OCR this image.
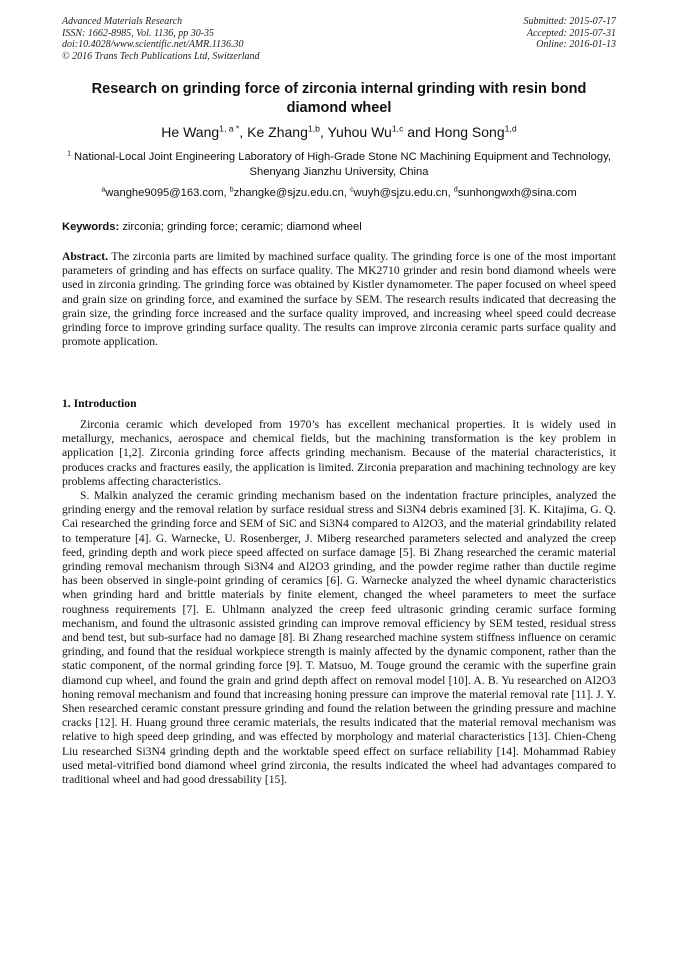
Advanced Materials Research
ISSN: 1662-8985, Vol. 1136, pp 30-35
doi:10.4028/www.scientific.net/AMR.1136.30
© 2016 Trans Tech Publications Ltd, Switzerland
Submitted: 2015-07-17
Accepted: 2015-07-31
Online: 2016-01-13
Research on grinding force of zirconia internal grinding with resin bond diamond wheel
He Wang$^{1, a *}$, Ke Zhang$^{1,b}$, Yuhou Wu$^{1,c}$ and Hong Song$^{1,d}$
$^1$ National-Local Joint Engineering Laboratory of High-Grade Stone NC Machining Equipment and Technology, Shenyang Jianzhu University, China
$^a$wanghe9095@163.com, $^b$zhangke@sjzu.edu.cn, $^c$wuyh@sjzu.edu.cn, $^d$sunhongwxh@sina.com
Keywords: zirconia; grinding force; ceramic; diamond wheel

Abstract. The zirconia parts are limited by machined surface quality. The grinding force is one of the most important parameters of grinding and has effects on surface quality. The MK2710 grinder and resin bond diamond wheels were used in zirconia grinding. The grinding force was obtained by Kistler dynamometer. The paper focused on wheel speed and grain size on grinding force, and examined the surface by SEM. The research results indicated that decreasing the grain size, the grinding force increased and the surface quality improved, and increasing wheel speed could decrease grinding force to improve grinding surface quality. The results can improve zirconia ceramic parts surface quality and promote application.

1. Introduction

Zirconia ceramic which developed from 1970’s has excellent mechanical properties. It is widely used in metallurgy, mechanics, aerospace and chemical fields, but the machining transformation is the key problem in application [1,2]. Zirconia grinding force affects grinding mechanism. Because of the material characteristics, it produces cracks and fractures easily, the application is limited. Zirconia preparation and machining technology are key problems affecting characteristics.

S. Malkin analyzed the ceramic grinding mechanism based on the indentation fracture principles, analyzed the grinding energy and the removal relation by surface residual stress and Si3N4 debris examined [3]. K. Kitajima, G. Q. Cai researched the grinding force and SEM of SiC and Si3N4 compared to Al2O3, and the material grindability related to temperature [4]. G. Warnecke, U. Rosenberger, J. Miberg researched parameters selected and analyzed the creep feed, grinding depth and work piece speed affected on surface damage [5]. Bi Zhang researched the ceramic material grinding removal mechanism through Si3N4 and Al2O3 grinding, and the powder regime rather than ductile regime has been observed in single-point grinding of ceramics [6]. G. Warnecke analyzed the wheel dynamic characteristics when grinding hard and brittle materials by finite element, changed the wheel parameters to meet the surface roughness requirements [7]. E. Uhlmann analyzed the creep feed ultrasonic grinding ceramic surface forming mechanism, and found the ultrasonic assisted grinding can improve removal efficiency by SEM tested, residual stress and bend test, but sub-surface had no damage [8]. Bi Zhang researched machine system stiffness influence on ceramic grinding, and found that the residual workpiece strength is mainly affected by the dynamic component, rather than the static component, of the normal grinding force [9]. T. Matsuo, M. Touge ground the ceramic with the superfine grain diamond cup wheel, and found the grain and grind depth affect on removal model [10]. A. B. Yu researched on Al2O3 honing removal mechanism and found that increasing honing pressure can improve the material removal rate [11]. J. Y. Shen researched ceramic constant pressure grinding and found the relation between the grinding pressure and machine cracks [12]. H. Huang ground three ceramic materials, the results indicated that the material removal mechanism was relative to high speed deep grinding, and was effected by morphology and material characteristics [13]. Chien-Cheng Liu researched Si3N4 grinding depth and the worktable speed effect on surface reliability [14]. Mohammad Rabiey used metal-vitrified bond diamond wheel grind zirconia, the results indicated the wheel had advantages compared to traditional wheel and had good dressability [15].
